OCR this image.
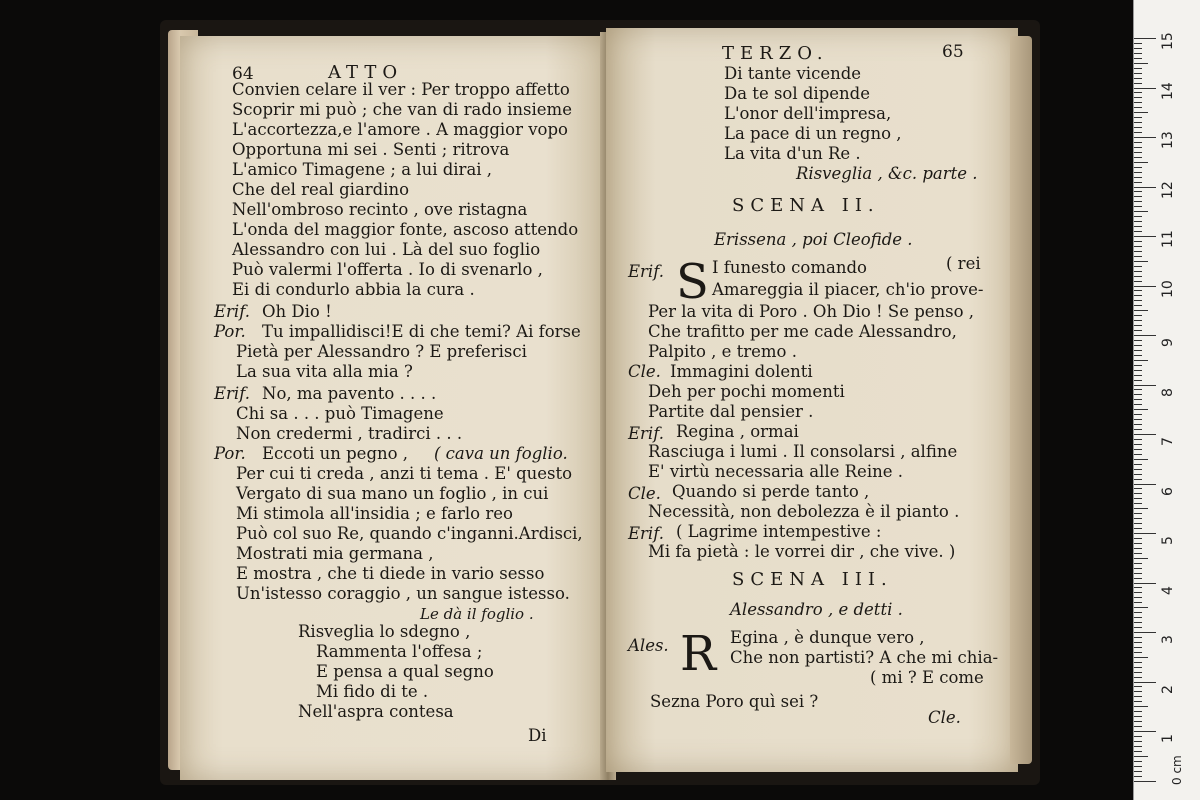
64	ATTO
Convien celare il ver : Per troppo affetto
Scoprir mi può ; che van di rado insieme
L'accortezza,e l'amore . A maggior vopo
Opportuna mi sei . Senti ; ritrova
L'amico Timagene ; a lui dirai ,
Che del real giardino
Nell'ombroso recinto , ove ristagna
L'onda del maggior fonte, ascoso attendo
Alessandro con lui . Là del suo foglio
Può valermi l'offerta . Io di svenarlo ,
Ei di condurlo abbia la cura .
Erif. Oh Dio !
Por. Tu impallidisci!E di che temi? Ai forse
Pietà per Alessandro ? E preferisci
La sua vita alla mia ?
Erif. No, ma pavento . . . .
Chi sa . . . può Timagene
Non credermi , tradirci . . .
Por. Eccoti un pegno , ( cava un foglio.
Per cui ti creda , anzi ti tema . E' questo
Vergato di sua mano un foglio , in cui
Mi stimola all'insidia ; e farlo reo
Può col suo Re, quando c'inganni.Ardisci,
Mostrati mia germana ,
E mostra , che ti diede in vario sesso
Un'istesso coraggio , un sangue istesso.
Le dà il foglio .
Risveglia lo sdegno ,
Rammenta l'offesa ;
E pensa a qual segno
Mi fido di te .
Nell'aspra contesa
Di
TERZO.	65
Di tante vicende
Da te sol dipende
L'onor dell'impresa,
La pace di un regno ,
La vita d'un Re .
Risveglia , &c. parte .
SCENA II.
Erissena , poi Cleofide .
Erif. S I funesto comando	( rei
Amareggia il piacer, ch'io prove-
Per la vita di Poro . Oh Dio ! Se penso ,
Che trafitto per me cade Alessandro,
Palpito , e tremo .
Cle. Immagini dolenti
Deh per pochi momenti
Partite dal pensier .
Erif. Regina , ormai
Rasciuga i lumi . Il consolarsi , alfine
E' virtù necessaria alle Reine .
Cle. Quando si perde tanto ,
Necessità, non debolezza è il pianto .
Erif. ( Lagrime intempestive :
Mi fa pietà : le vorrei dir , che vive. )
SCENA III.
Alessandro , e detti .
Ales. R Egina , è dunque vero ,
Che non partisti? A che mi chia-
( mi ? E come
Sezna Poro quì sei ?
Cle.
0 cm
15
14
13
12
11
10
9
8
7
6
5
4
3
2
1
